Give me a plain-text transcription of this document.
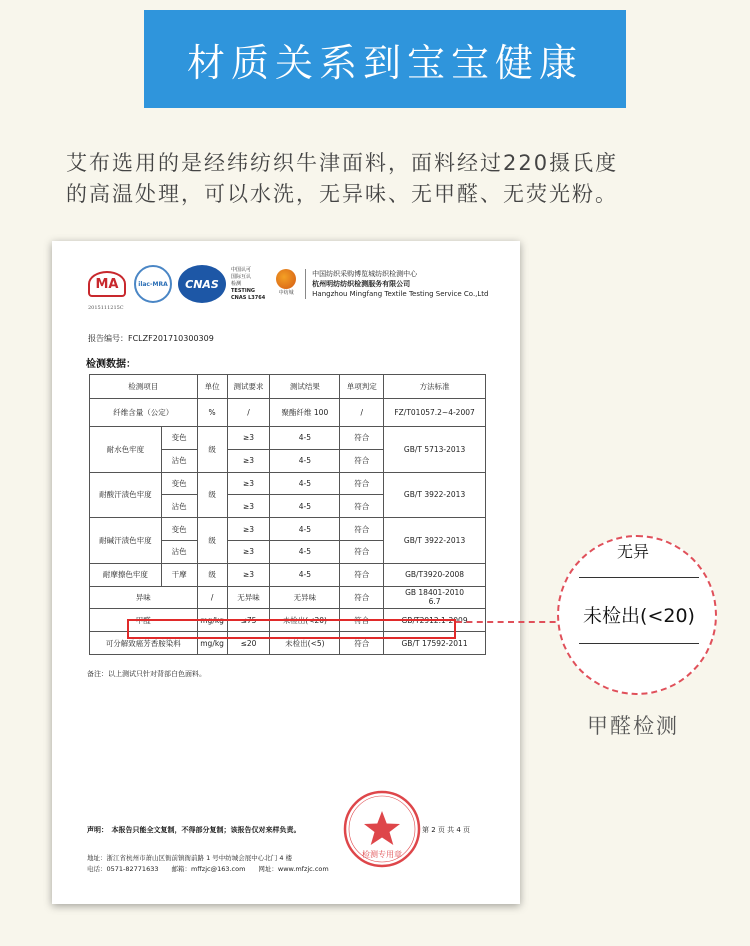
材质关系到宝宝健康
艾布选用的是经纬纺织牛津面料，面料经过220摄氏度
的高温处理，可以水洗，无异味、无甲醛、无荧光粉。
MA
2015111215C
ilac-MRA CNAS
中国认可
国际互认
检测
TESTING
CNAS L3764
中纺城
中国纺织采购博览城纺织检测中心
杭州明纺纺织检测服务有限公司
Hangzhou Mingfang Textile Testing Service Co.,Ltd
报告编号：FCLZF201710300309
检测数据：
检测项目		单位	测试要求	测试结果	单项判定	方法标准
纤维含量（公定）		%	/	聚酯纤维 100	/	FZ/T01057.2~4-2007
耐水色牢度	变色	级	≥3	4-5	符合	GB/T 5713-2013
	沾色		≥3	4-5	符合	
耐酸汗渍色牢度	变色	级	≥3	4-5	符合	GB/T 3922-2013
	沾色		≥3	4-5	符合	
耐碱汗渍色牢度	变色	级	≥3	4-5	符合	GB/T 3922-2013
	沾色		≥3	4-5	符合	
耐摩擦色牢度	干摩	级	≥3	4-5	符合	GB/T3920-2008
异味		/	无异味	无异味	符合	GB 18401-2010
6.7

甲醛		mg/kg	≤75	未检出(<20)	符合	GB/T2912.1-2009
可分解致癌芳香胺染料		mg/kg	≤20	未检出(<5)	符合	GB/T 17592-2011
备注：以上测试只针对背部白色面料。
声明：　本报告只能全文复制，不得部分复制；该报告仅对来样负责。	第 2 页 共 4 页
地址：浙江省杭州市萧山区衙前镇衙前路 1 号中纺城会展中心北门 4 楼
电话：0571-82771633　　邮箱：mffzjc@163.com　　网址：www.mfzjc.com
检测专用章
无异
未检出(<20)
甲醛检测
